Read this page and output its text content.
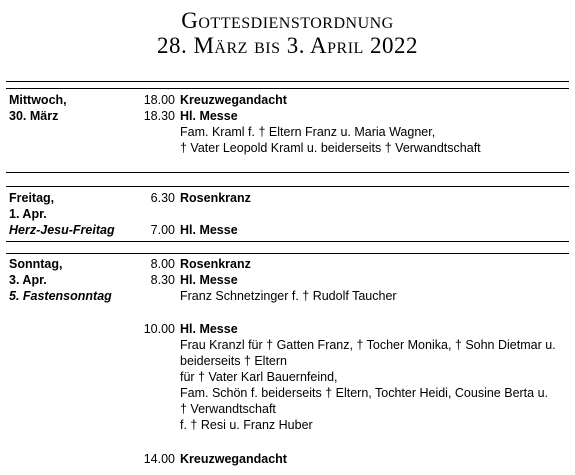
Gottesdienstordnung
28. März bis 3. April 2022
Mittwoch,
30. März
18.00 Kreuzwegandacht
18.30 Hl. Messe
Fam. Kraml f. † Eltern Franz u. Maria Wagner,
† Vater Leopold Kraml u. beiderseits † Verwandtschaft
Freitag,
1. Apr.
Herz-Jesu-Freitag
6.30 Rosenkranz
7.00 Hl. Messe
Sonntag,
3. Apr.
5. Fastensonntag
8.00 Rosenkranz
8.30 Hl. Messe
Franz Schnetzinger f. † Rudolf Taucher
10.00 Hl. Messe
Frau Kranzl für † Gatten Franz, † Tocher Monika, † Sohn Dietmar u.
beiderseits † Eltern
für † Vater Karl Bauernfeind,
Fam. Schön f. beiderseits † Eltern, Tochter Heidi, Cousine Berta u.
† Verwandtschaft
f. † Resi u. Franz Huber
14.00 Kreuzwegandacht
